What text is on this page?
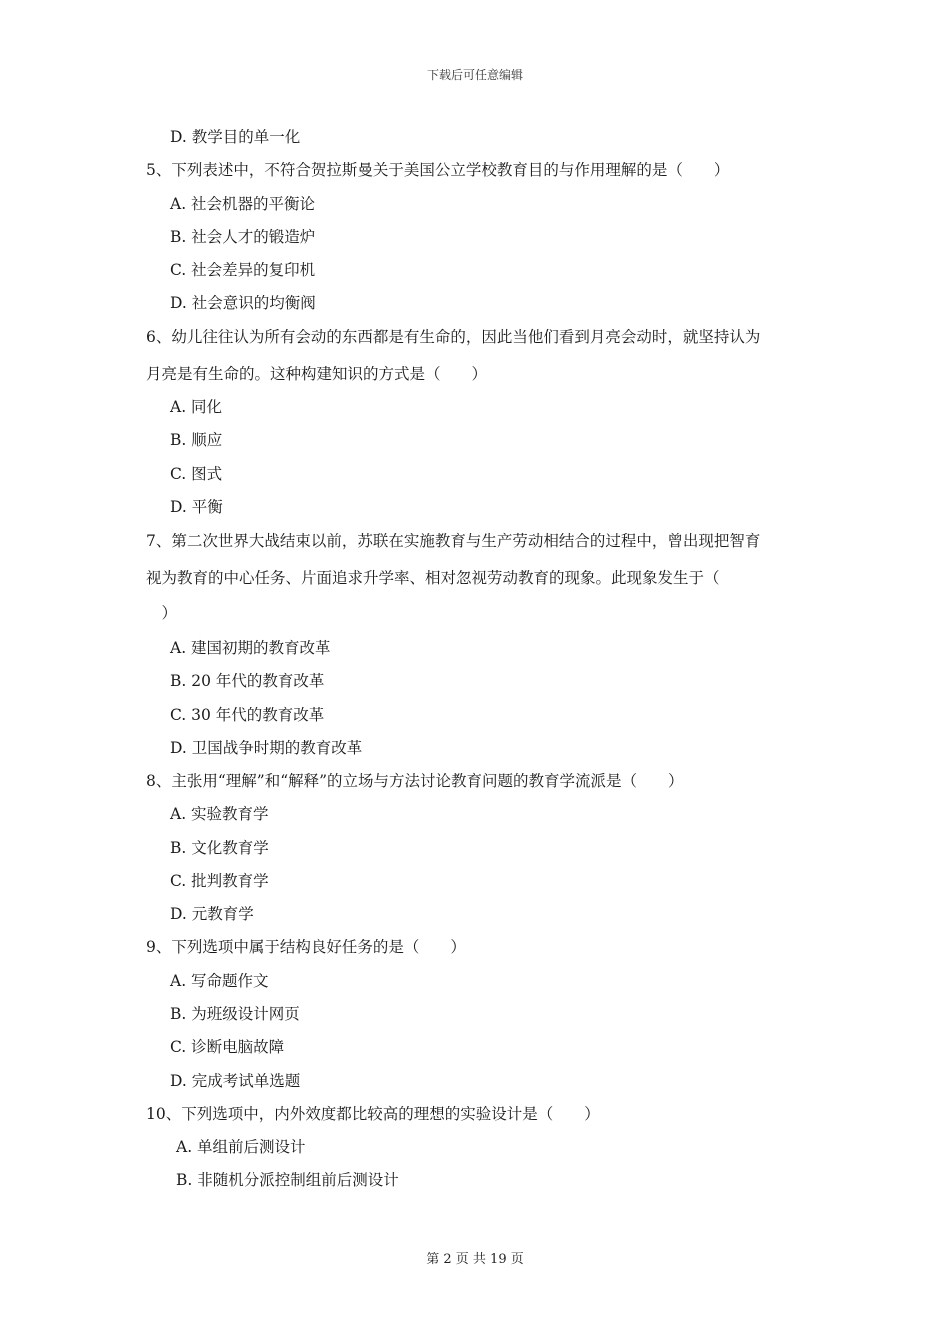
下载后可任意编辑
D. 教学目的单一化
5、下列表述中，不符合贺拉斯曼关于美国公立学校教育目的与作用理解的是（　　）
A. 社会机器的平衡论
B. 社会人才的锻造炉
C. 社会差异的复印机
D. 社会意识的均衡阀
6、幼儿往往认为所有会动的东西都是有生命的，因此当他们看到月亮会动时，就坚持认为
月亮是有生命的。这种构建知识的方式是（　　）
A. 同化
B. 顺应
C. 图式
D. 平衡
7、第二次世界大战结束以前，苏联在实施教育与生产劳动相结合的过程中，曾出现把智育
视为教育的中心任务、片面追求升学率、相对忽视劳动教育的现象。此现象发生于（
　）
A. 建国初期的教育改革
B. 20 年代的教育改革
C. 30 年代的教育改革
D. 卫国战争时期的教育改革
8、主张用“理解”和“解释”的立场与方法讨论教育问题的教育学流派是（　　）
A. 实验教育学
B. 文化教育学
C. 批判教育学
D. 元教育学
9、下列选项中属于结构良好任务的是（　　）
A. 写命题作文
B. 为班级设计网页
C. 诊断电脑故障
D. 完成考试单选题
10、下列选项中，内外效度都比较高的理想的实验设计是（　　）
A. 单组前后测设计
B. 非随机分派控制组前后测设计
第 2 页 共 19 页
